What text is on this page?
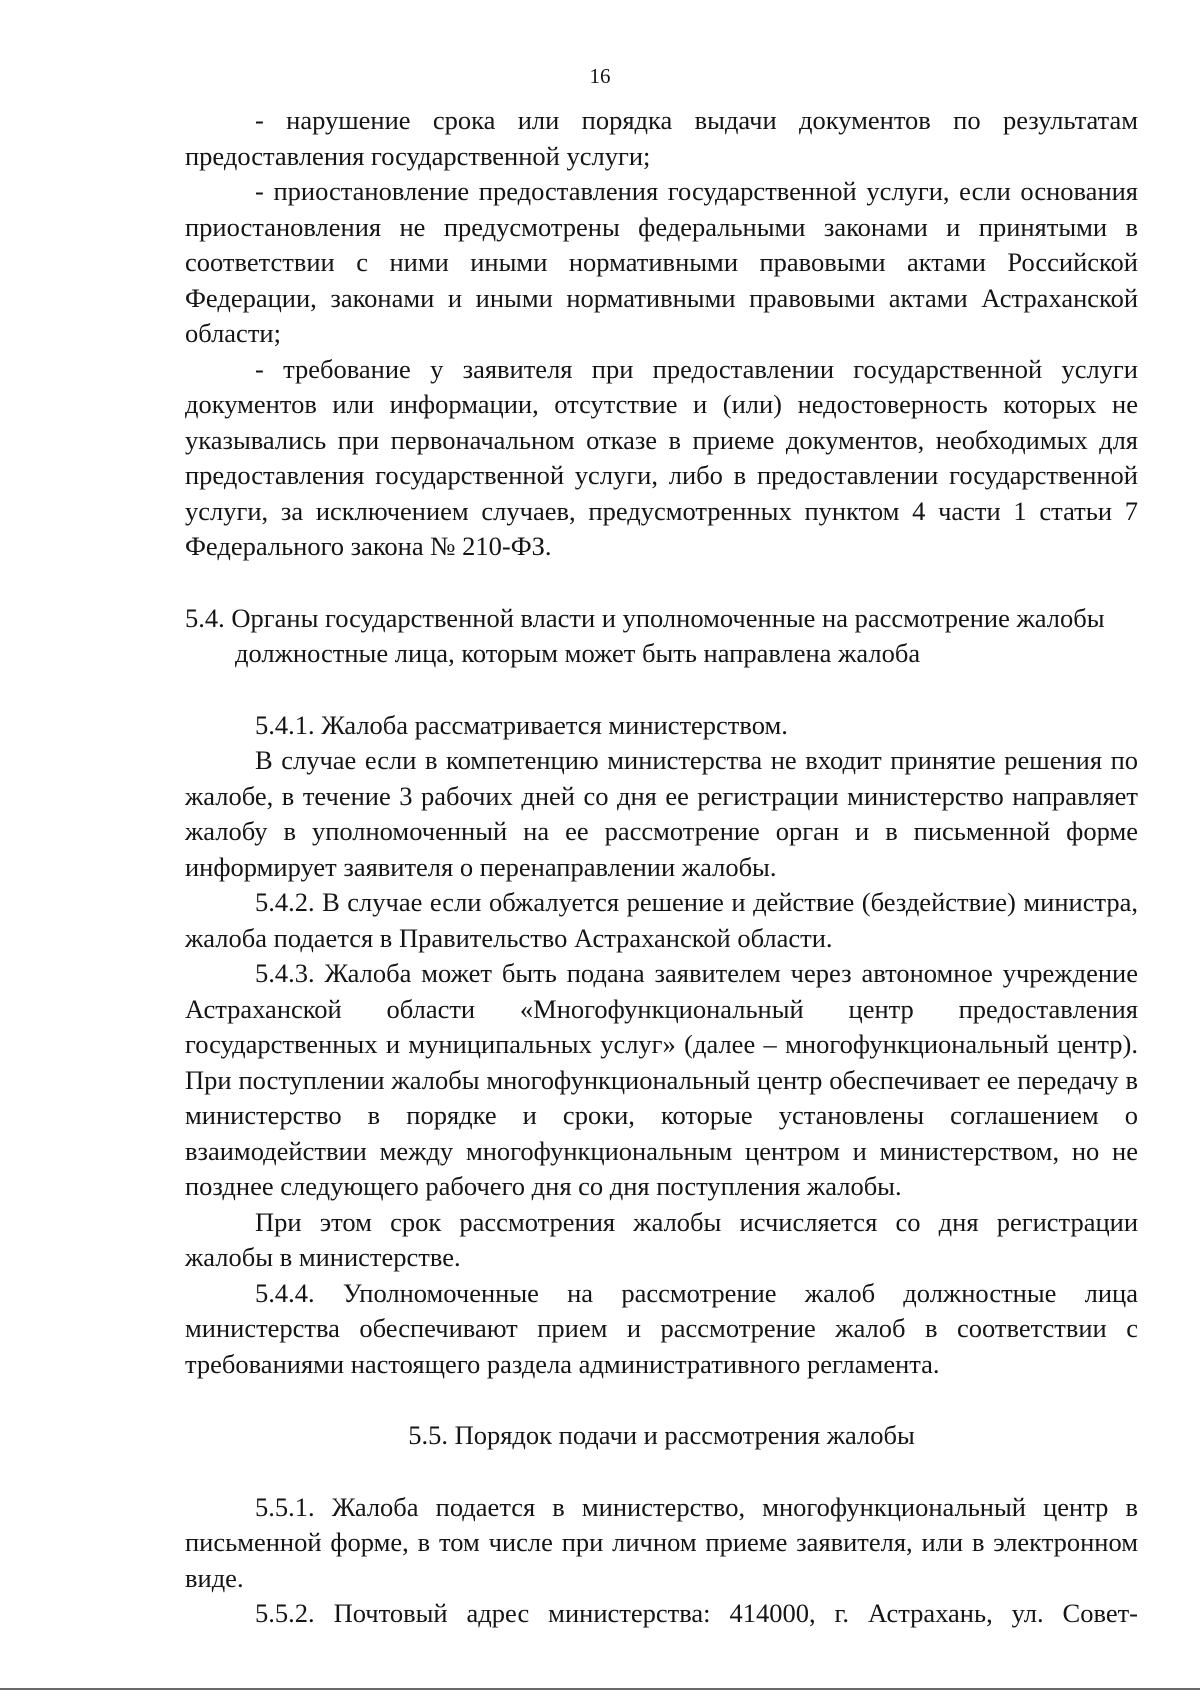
16

- нарушение срока или порядка выдачи документов по результатам предоставления государственной услуги;

- приостановление предоставления государственной услуги, если основания приостановления не предусмотрены федеральными законами и принятыми в соответствии с ними иными нормативными правовыми актами Российской Федерации, законами и иными нормативными правовыми актами Астраханской области;

- требование у заявителя при предоставлении государственной услуги документов или информации, отсутствие и (или) недостоверность которых не указывались при первоначальном отказе в приеме документов, необходимых для предоставления государственной услуги, либо в предоставлении государственной услуги, за исключением случаев, предусмотренных пунктом 4 части 1 статьи 7 Федерального закона № 210-ФЗ.

5.4. Органы государственной власти и уполномоченные на рассмотрение жалобы должностные лица, которым может быть направлена жалоба

5.4.1. Жалоба рассматривается министерством.

В случае если в компетенцию министерства не входит принятие решения по жалобе, в течение 3 рабочих дней со дня ее регистрации министерство направляет жалобу в уполномоченный на ее рассмотрение орган и в письменной форме информирует заявителя о перенаправлении жалобы.

5.4.2. В случае если обжалуется решение и действие (бездействие) министра, жалоба подается в Правительство Астраханской области.

5.4.3. Жалоба может быть подана заявителем через автономное учреждение Астраханской области «Многофункциональный центр предоставления государственных и муниципальных услуг» (далее – многофункциональный центр). При поступлении жалобы многофункциональный центр обеспечивает ее передачу в министерство в порядке и сроки, которые установлены соглашением о взаимодействии между многофункциональным центром и министерством, но не позднее следующего рабочего дня со дня поступления жалобы.

При этом срок рассмотрения жалобы исчисляется со дня регистрации жалобы в министерстве.

5.4.4. Уполномоченные на рассмотрение жалоб должностные лица министерства обеспечивают прием и рассмотрение жалоб в соответствии с требованиями настоящего раздела административного регламента.

5.5. Порядок подачи и рассмотрения жалобы

5.5.1. Жалоба подается в министерство, многофункциональный центр в письменной форме, в том числе при личном приеме заявителя, или в электронном виде.

5.5.2. Почтовый адрес министерства: 414000, г. Астрахань, ул. Совет-
